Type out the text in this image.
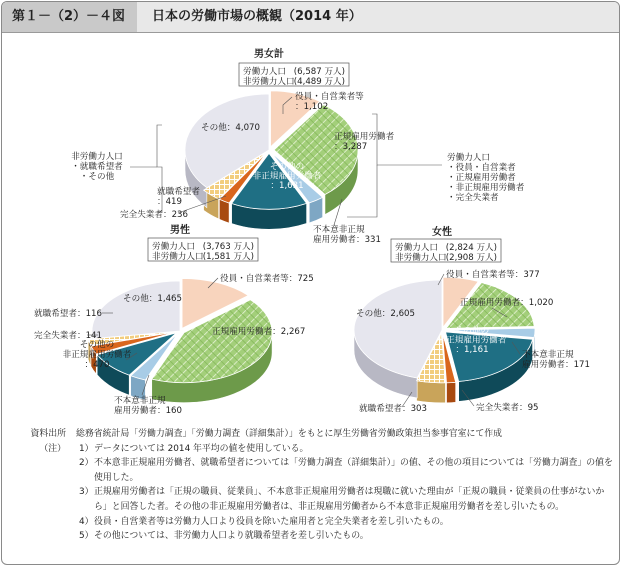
第１－（2）－４図	日本の労働市場の概観（2014 年）
男女計
労働力人口 (6,587 万人)
非労働力人口 (4,489 万人)
役員・自営業者等：1,102
正規雇用労働者：3,287
その他の非正規雇用労働者：1,631
不本意非正規雇用労働者：331
完全失業者：236
就職希望者：419
その他：4,070
非労働力人口・就職希望者・その他
労働力人口・役員・自営業者・正規雇用労働者・非正規雇用労働者・完全失業者
男性
労働力人口 (3,763 万人)
非労働力人口 (1,581 万人)
役員・自営業者等：725
正規雇用労働者：2,267
不本意非正規雇用労働者：160
その他の非正規雇用労働者：470
完全失業者：141
就職希望者：116
その他：1,465
女性
労働力人口 (2,824 万人)
非労働力人口 (2,908 万人)
役員・自営業者等：377
正規雇用労働者：1,020
不本意非正規雇用労働者：171
その他の非正規雇用労働者：1,161
完全失業者：95
就職希望者：303
その他：2,605
資料出所 総務省統計局「労働力調査」「労働力調査（詳細集計）」をもとに厚生労働省労働政策担当参事官室にて作成
（注） 1） データについては 2014 年平均の値を使用している。
2） 不本意非正規雇用労働者、就職希望者については「労働力調査（詳細集計）」の値、その他の項目については「労働力調査」の値を使用した。
3） 正規雇用労働者は「正規の職員、従業員」、不本意非正規雇用労働者は現職に就いた理由が「正規の職員・従業員の仕事がないから」と回答した者。その他の非正規雇用労働者は、非正規雇用労働者から不本意非正規雇用労働者を差し引いたもの。
4） 役員・自営業者等は労働力人口より役員を除いた雇用者と完全失業者を差し引いたもの。
5） その他については、非労働力人口より就職希望者を差し引いたもの。
